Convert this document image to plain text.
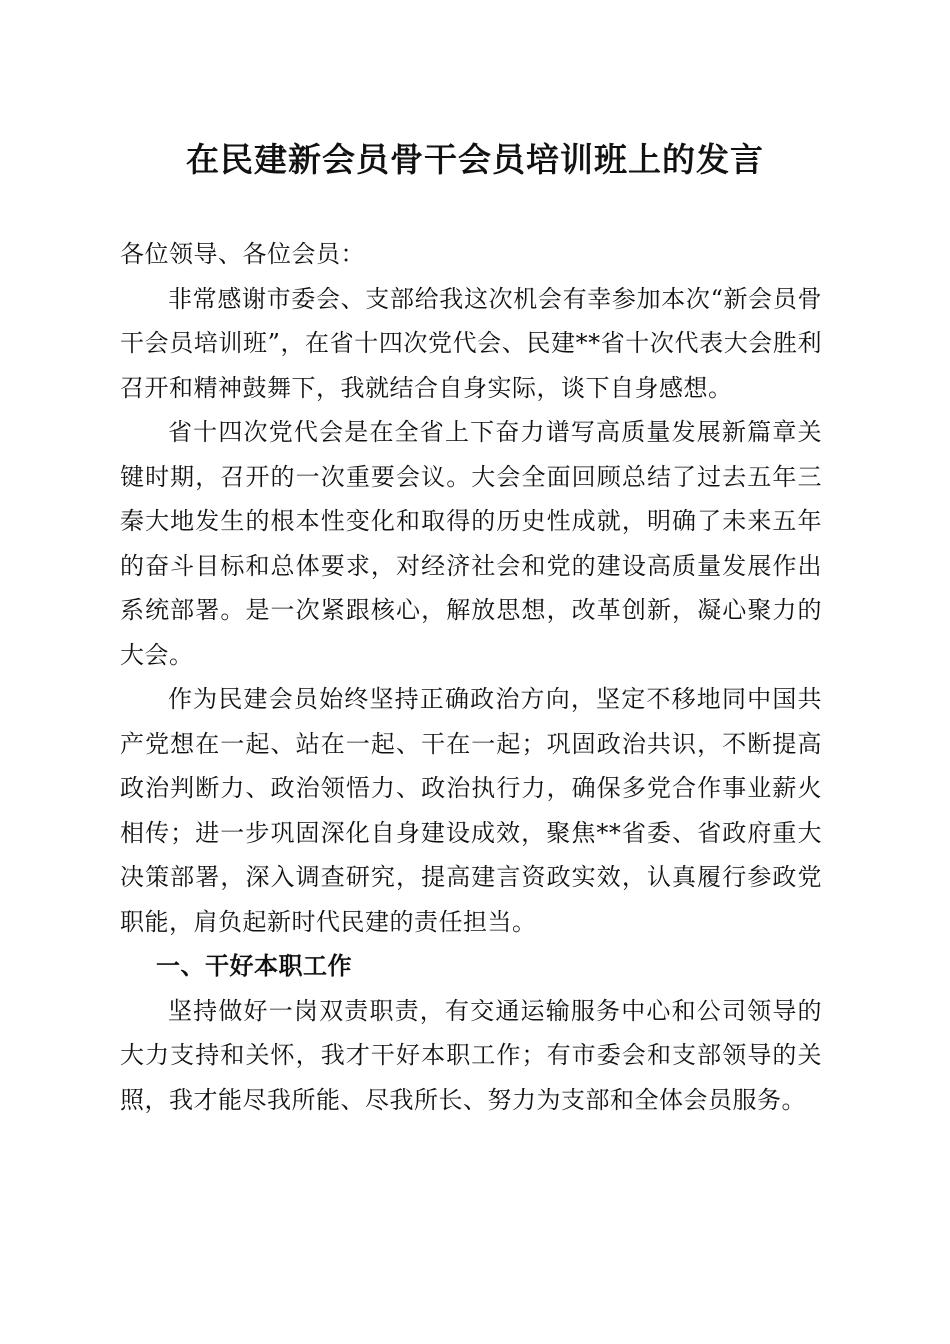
在民建新会员骨干会员培训班上的发言

各位领导、各位会员：

非常感谢市委会、支部给我这次机会有幸参加本次“新会员骨干会员培训班”，在省十四次党代会、民建**省十次代表大会胜利召开和精神鼓舞下，我就结合自身实际，谈下自身感想。

省十四次党代会是在全省上下奋力谱写高质量发展新篇章关键时期，召开的一次重要会议。大会全面回顾总结了过去五年三秦大地发生的根本性变化和取得的历史性成就，明确了未来五年的奋斗目标和总体要求，对经济社会和党的建设高质量发展作出系统部署。是一次紧跟核心，解放思想，改革创新，凝心聚力的大会。

作为民建会员始终坚持正确政治方向，坚定不移地同中国共产党想在一起、站在一起、干在一起；巩固政治共识，不断提高政治判断力、政治领悟力、政治执行力，确保多党合作事业薪火相传；进一步巩固深化自身建设成效，聚焦**省委、省政府重大决策部署，深入调查研究，提高建言资政实效，认真履行参政党职能，肩负起新时代民建的责任担当。

一、干好本职工作

坚持做好一岗双责职责，有交通运输服务中心和公司领导的大力支持和关怀，我才干好本职工作；有市委会和支部领导的关照，我才能尽我所能、尽我所长、努力为支部和全体会员服务。
